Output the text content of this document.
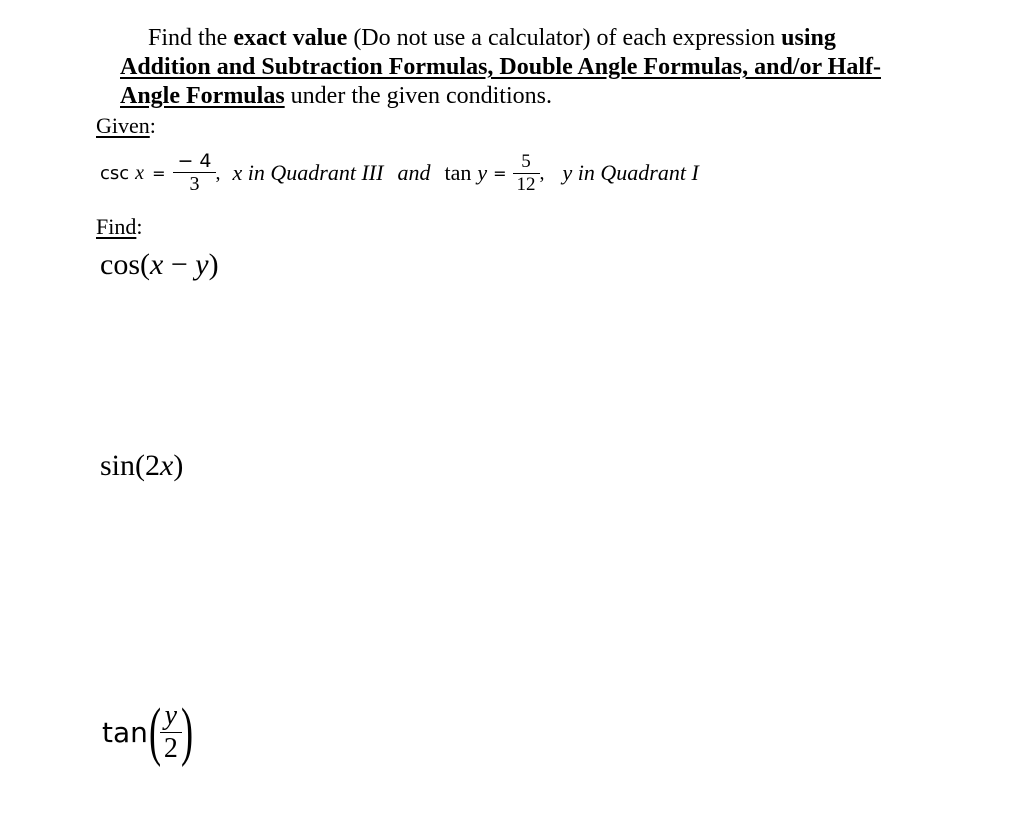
Find the exact value (Do not use a calculator) of each expression using
Addition and Subtraction Formulas, Double Angle Formulas, and/or Half-
Angle Formulas under the given conditions.
Given:
$\csc x = \frac{- 4}{3}$ , x in Quadrant III and $\tan y = \frac{5}{12}$ , y in Quadrant I
Find:
cos(x − y)
sin(2x)
tan (
$\frac{y}{2}$
)
